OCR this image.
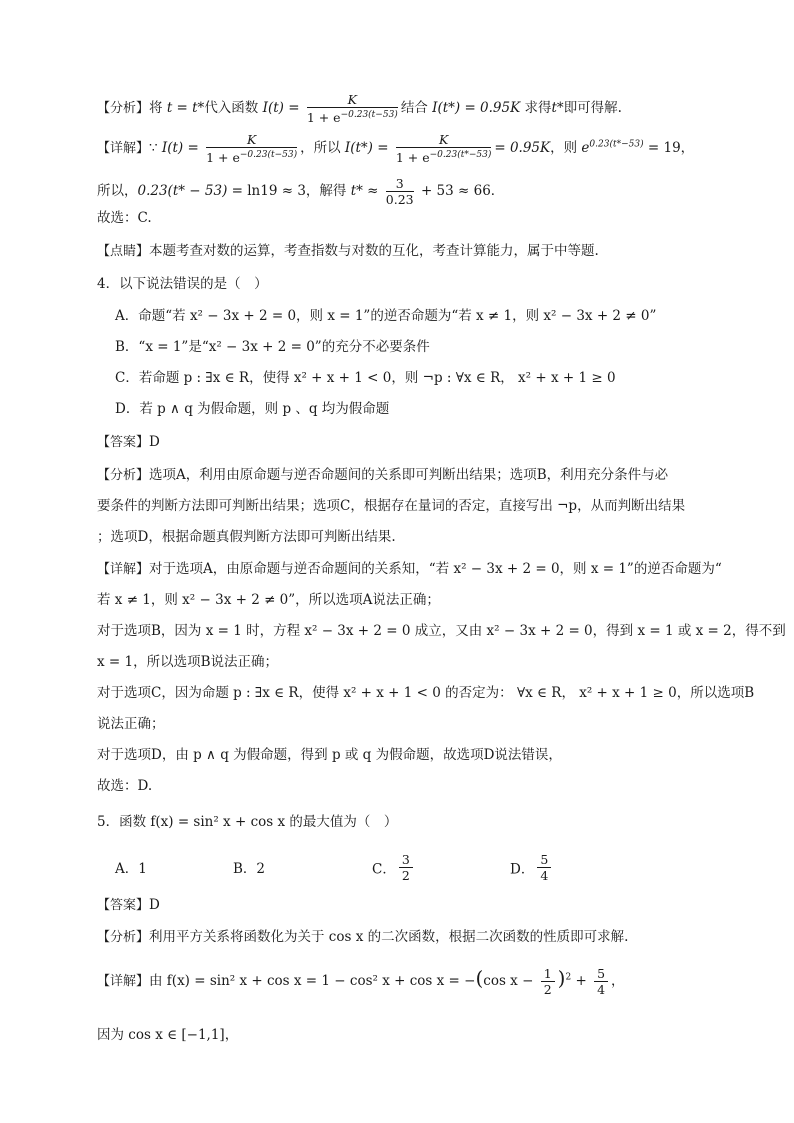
【分析】将 t = t*代入函数 $I(t) = \frac{K}{1 + e^{-0.23(t-53)}}$ 结合 I(t*) = 0.95K 求得t*即可得解.
【详解】∵ $I(t) = \frac{K}{1 + e^{-0.23(t-53)}}$ ，所以 $I(t*) = \frac{K}{1 + e^{-0.23(t*-53)}} = 0.95K$，则 $e^{0.23(t*-53)} = 19$，
所以，0.23(t* − 53) = ln19 ≈ 3，解得 $t* \approx \frac{3}{0.23} + 53 \approx 66$．
故选：C.
【点睛】本题考查对数的运算，考查指数与对数的互化，考查计算能力，属于中等题.
4．以下说法错误的是（　）
A．命题“若 x² − 3x + 2 = 0，则 x = 1”的逆否命题为“若 x ≠ 1，则 x² − 3x + 2 ≠ 0”
B．“x = 1”是“x² − 3x + 2 = 0”的充分不必要条件
C．若命题 p : ∃x ∈ R，使得 x² + x + 1 < 0，则 ¬p : ∀x ∈ R， x² + x + 1 ≥ 0
D．若 p ∧ q 为假命题，则 p 、q 均为假命题
【答案】D
【分析】选项A，利用由原命题与逆否命题间的关系即可判断出结果；选项B，利用充分条件与必
要条件的判断方法即可判断出结果；选项C，根据存在量词的否定，直接写出 ¬p，从而判断出结果
；选项D，根据命题真假判断方法即可判断出结果.
【详解】对于选项A，由原命题与逆否命题间的关系知，“若 x² − 3x + 2 = 0，则 x = 1”的逆否命题为“
若 x ≠ 1，则 x² − 3x + 2 ≠ 0”，所以选项A说法正确；
对于选项B，因为 x = 1 时，方程 x² − 3x + 2 = 0 成立，又由 x² − 3x + 2 = 0，得到 x = 1 或 x = 2，得不到
x = 1，所以选项B说法正确；
对于选项C，因为命题 p : ∃x ∈ R，使得 x² + x + 1 < 0 的否定为： ∀x ∈ R， x² + x + 1 ≥ 0，所以选项B
说法正确；
对于选项D，由 p ∧ q 为假命题，得到 p 或 q 为假命题，故选项D说法错误，
故选：D.
5．函数 f(x) = sin² x + cos x 的最大值为（　）
A．1	B．2	C． $\frac{3}{2}$	D． $\frac{5}{4}$
【答案】D
【分析】利用平方关系将函数化为关于 cos x 的二次函数，根据二次函数的性质即可求解.
【详解】由 f(x) = sin² x + cos x = 1 − cos² x + cos x = −(cos $x - \frac{1}{2} )^2 + \frac{5}{4}$ ，
因为 cos x ∈ [−1,1]，
